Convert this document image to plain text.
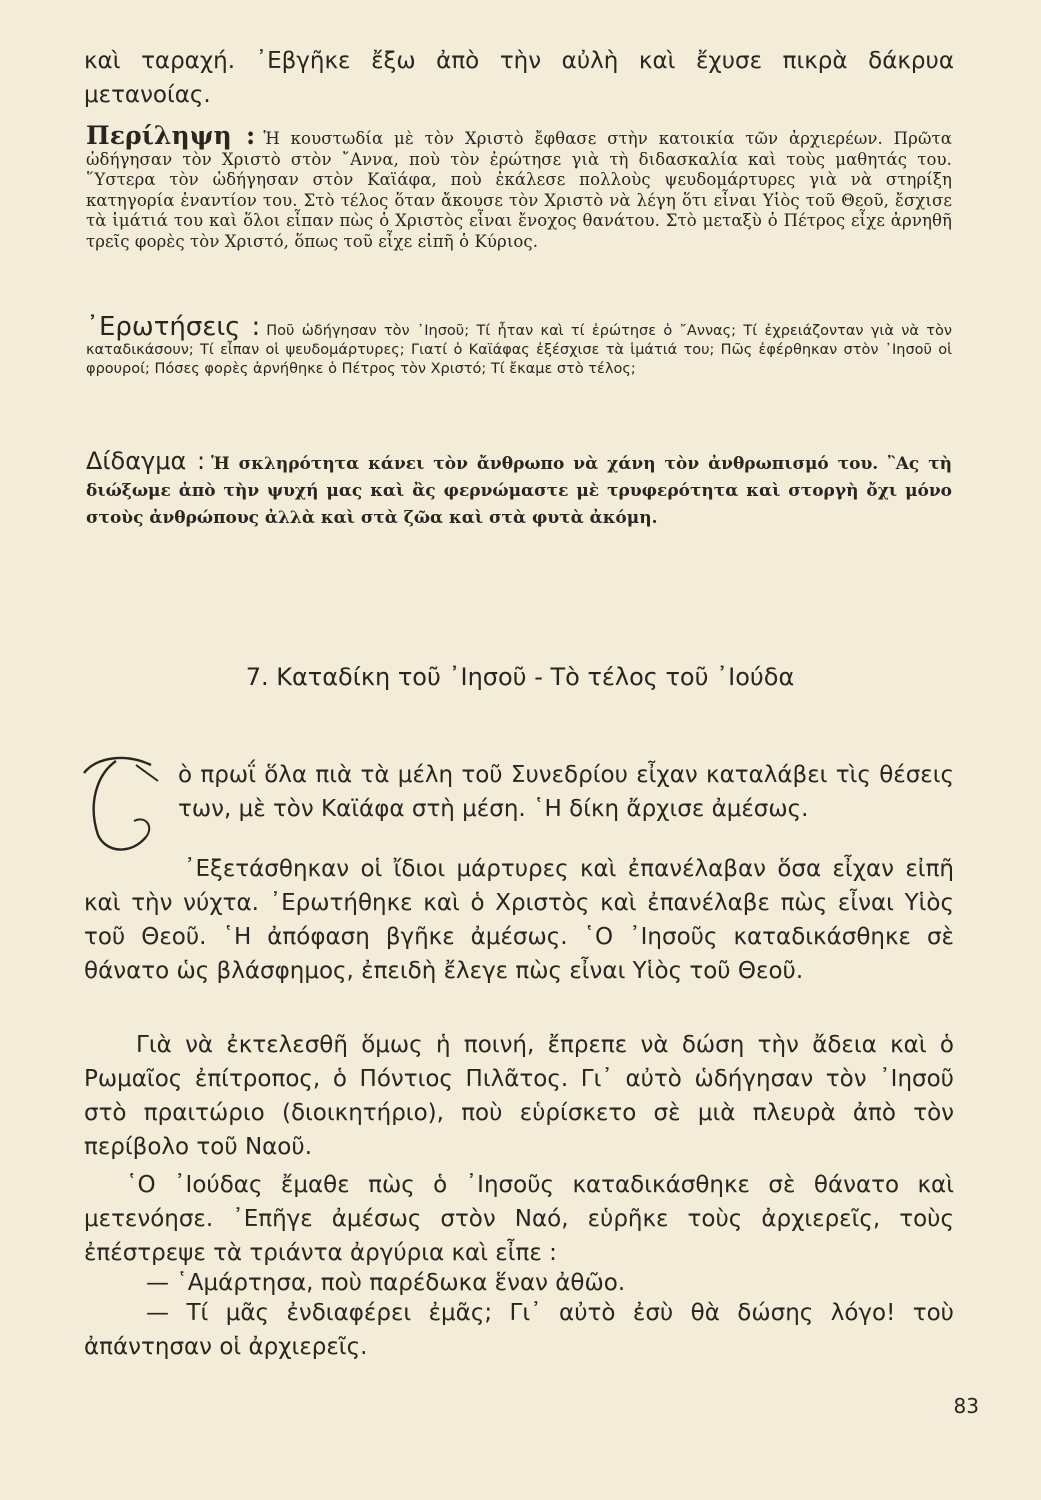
καὶ ταραχή. ᾿Εβγῆκε ἔξω ἀπὸ τὴν αὐλὴ καὶ ἔχυσε πικρὰ δάκρυα μετανοίας.

Περίληψη : Ἡ κουστωδία μὲ τὸν Χριστὸ ἔφθασε στὴν κατοικία τῶν ἀρχιερέων. Πρῶτα ὡδήγησαν τὸν Χριστὸ στὸν ῎Αννα, ποὺ τὸν ἐρώτησε γιὰ τὴ διδασκαλία καὶ τοὺς μαθητάς του. ῞Υστερα τὸν ὡδήγησαν στὸν Καϊάφα, ποὺ ἐκάλεσε πολλοὺς ψευδομάρτυρες γιὰ νὰ στηρίξη κατηγορία ἐναντίον του. Στὸ τέλος ὅταν ἄκουσε τὸν Χριστὸ νὰ λέγη ὅτι εἶναι Υἱὸς τοῦ Θεοῦ, ἔσχισε τὰ ἱμάτιά του καὶ ὅλοι εἶπαν πὼς ὁ Χριστὸς εἶναι ἔνοχος θανάτου. Στὸ μεταξὺ ὁ Πέτρος εἶχε ἀρνηθῆ τρεῖς φορὲς τὸν Χριστό, ὅπως τοῦ εἶχε εἰπῆ ὁ Κύριος.
᾿Ερωτήσεις : Ποῦ ὡδήγησαν τὸν ᾿Ιησοῦ; Τί ἦταν καὶ τί ἐρώτησε ὁ ῎Αννας; Τί ἐχρειάζονταν γιὰ νὰ τὸν καταδικάσουν; Τί εἶπαν οἱ ψευδομάρτυρες; Γιατί ὁ Καϊάφας ἐξέσχισε τὰ ἱμάτιά του; Πῶς ἐφέρθηκαν στὸν ᾿Ιησοῦ οἱ φρουροί; Πόσες φορὲς ἀρνήθηκε ὁ Πέτρος τὸν Χριστό; Τί ἔκαμε στὸ τέλος;
Δίδαγμα : Ἡ σκληρότητα κάνει τὸν ἄνθρωπο νὰ χάνη τὸν ἀνθρωπισμό του. ῍Ας τὴ διώξωμε ἀπὸ τὴν ψυχή μας καὶ ἂς φερνώμαστε μὲ τρυφερότητα καὶ στοργὴ ὄχι μόνο στοὺς ἀνθρώπους ἀλλὰ καὶ στὰ ζῶα καὶ στὰ φυτὰ ἀκόμη.
7. Καταδίκη τοῦ ᾿Ιησοῦ - Τὸ τέλος τοῦ ᾿Ιούδα

ὸ πρωΐ ὅλα πιὰ τὰ μέλη τοῦ Συνεδρίου εἶχαν καταλάβει τὶς θέσεις των, μὲ τὸν Καϊάφα στὴ μέση. ῾Η δίκη ἄρχισε ἀμέσως.

᾿Εξετάσθηκαν οἱ ἴδιοι μάρτυρες καὶ ἐπανέλαβαν ὅσα εἶχαν εἰπῆ καὶ τὴν νύχτα. ᾿Ερωτήθηκε καὶ ὁ Χριστὸς καὶ ἐπανέλαβε πὼς εἶναι Υἱὸς τοῦ Θεοῦ. ῾Η ἀπόφαση βγῆκε ἀμέσως. ῾Ο ᾿Ιησοῦς καταδικάσθηκε σὲ θάνατο ὡς βλάσφημος, ἐπειδὴ ἔλεγε πὼς εἶναι Υἱὸς τοῦ Θεοῦ.

Γιὰ νὰ ἐκτελεσθῆ ὅμως ἡ ποινή, ἔπρεπε νὰ δώση τὴν ἄδεια καὶ ὁ Ρωμαῖος ἐπίτροπος, ὁ Πόντιος Πιλᾶτος. Γι᾿ αὐτὸ ὡδήγησαν τὸν ᾿Ιησοῦ στὸ πραιτώριο (διοικητήριο), ποὺ εὑρίσκετο σὲ μιὰ πλευρὰ ἀπὸ τὸν περίβολο τοῦ Ναοῦ.

῾Ο ᾿Ιούδας ἔμαθε πὼς ὁ ᾿Ιησοῦς καταδικάσθηκε σὲ θάνατο καὶ μετενόησε. ᾿Επῆγε ἀμέσως στὸν Ναό, εὑρῆκε τοὺς ἀρχιερεῖς, τοὺς ἐπέστρεψε τὰ τριάντα ἀργύρια καὶ εἶπε :

— ῾Αμάρτησα, ποὺ παρέδωκα ἕναν ἀθῶο.

— Τί μᾶς ἐνδιαφέρει ἐμᾶς; Γι᾿ αὐτὸ ἐσὺ θὰ δώσης λόγο! τοὺ ἀπάντησαν οἱ ἀρχιερεῖς.

83
